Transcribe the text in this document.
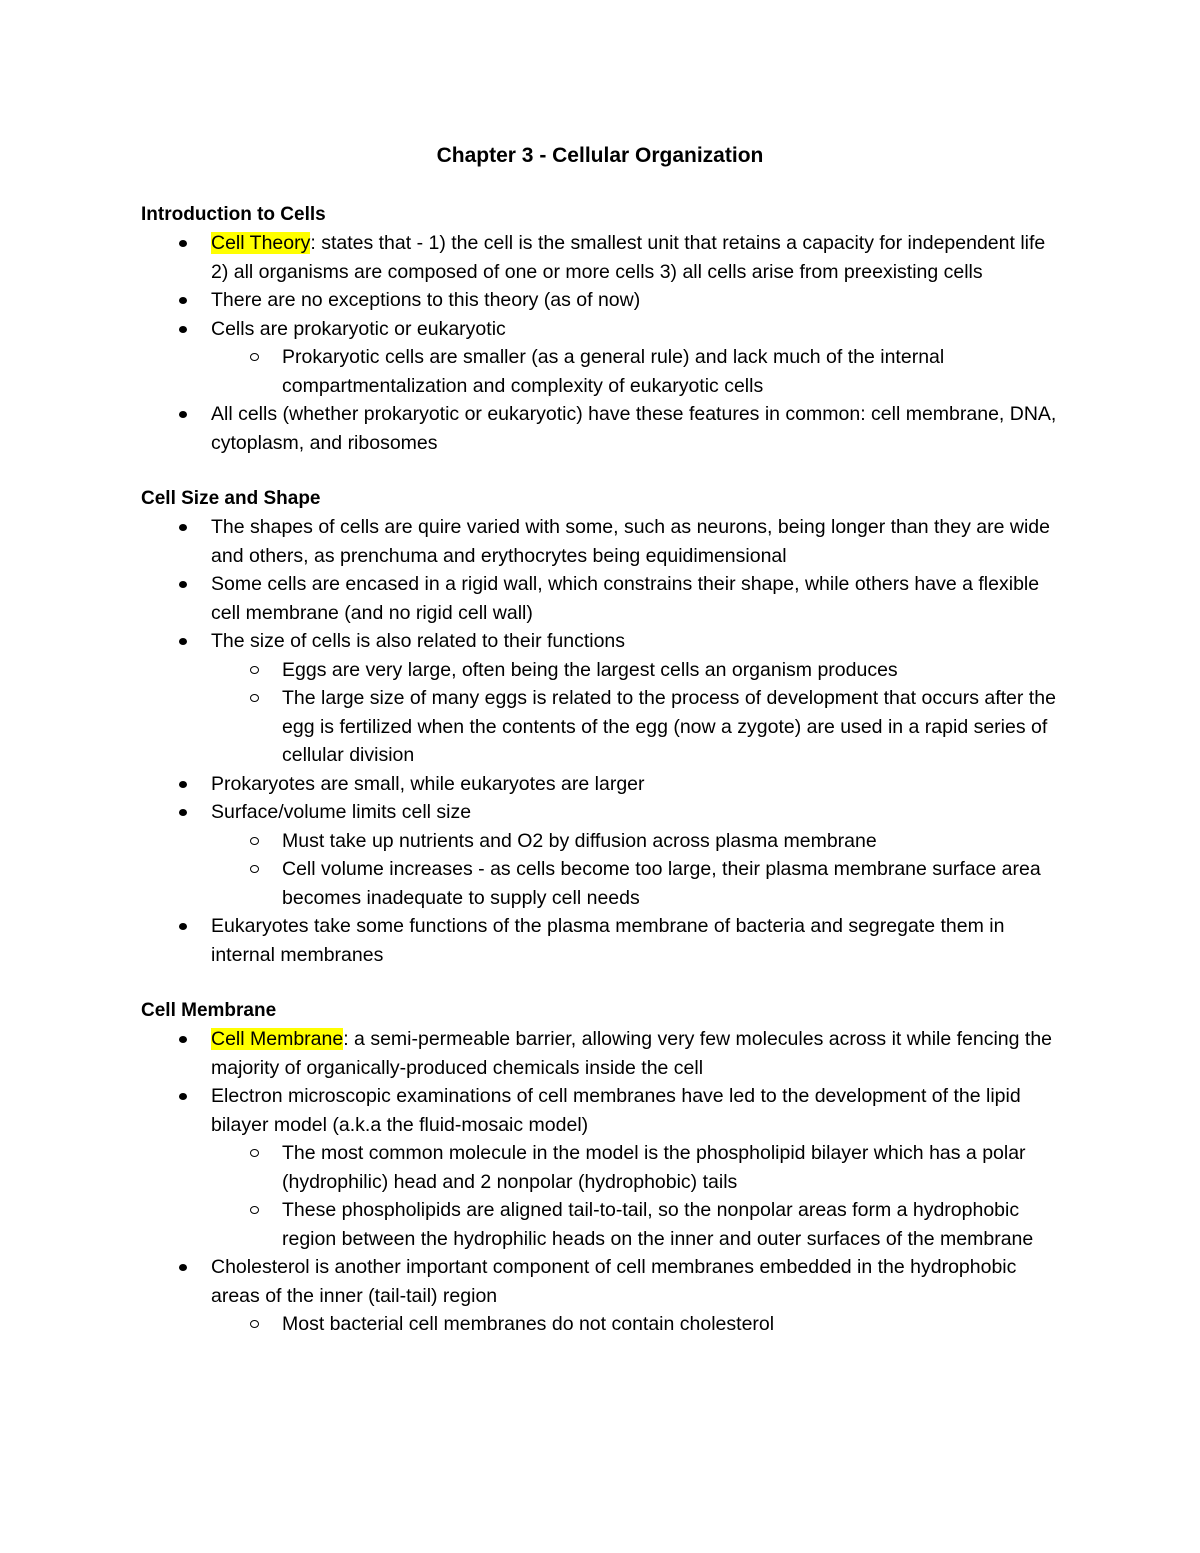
Chapter 3 - Cellular Organization
Introduction to Cells
Cell Theory: states that - 1) the cell is the smallest unit that retains a capacity for independent life 2) all organisms are composed of one or more cells 3) all cells arise from preexisting cells
There are no exceptions to this theory (as of now)
Cells are prokaryotic or eukaryotic
Prokaryotic cells are smaller (as a general rule) and lack much of the internal compartmentalization and complexity of eukaryotic cells
All cells (whether prokaryotic or eukaryotic) have these features in common: cell membrane, DNA, cytoplasm, and ribosomes
Cell Size and Shape
The shapes of cells are quire varied with some, such as neurons, being longer than they are wide and others, as prenchuma and erythocrytes being equidimensional
Some cells are encased in a rigid wall, which constrains their shape, while others have a flexible cell membrane (and no rigid cell wall)
The size of cells is also related to their functions
Eggs are very large, often being the largest cells an organism produces
The large size of many eggs is related to the process of development that occurs after the egg is fertilized when the contents of the egg (now a zygote) are used in a rapid series of cellular division
Prokaryotes are small, while eukaryotes are larger
Surface/volume limits cell size
Must take up nutrients and O2 by diffusion across plasma membrane
Cell volume increases - as cells become too large, their plasma membrane surface area becomes inadequate to supply cell needs
Eukaryotes take some functions of the plasma membrane of bacteria and segregate them in internal membranes
Cell Membrane
Cell Membrane: a semi-permeable barrier, allowing very few molecules across it while fencing the majority of organically-produced chemicals inside the cell
Electron microscopic examinations of cell membranes have led to the development of the lipid bilayer model (a.k.a the fluid-mosaic model)
The most common molecule in the model is the phospholipid bilayer which has a polar (hydrophilic) head and 2 nonpolar (hydrophobic) tails
These phospholipids are aligned tail-to-tail, so the nonpolar areas form a hydrophobic region between the hydrophilic heads on the inner and outer surfaces of the membrane
Cholesterol is another important component of cell membranes embedded in the hydrophobic areas of the inner (tail-tail) region
Most bacterial cell membranes do not contain cholesterol
